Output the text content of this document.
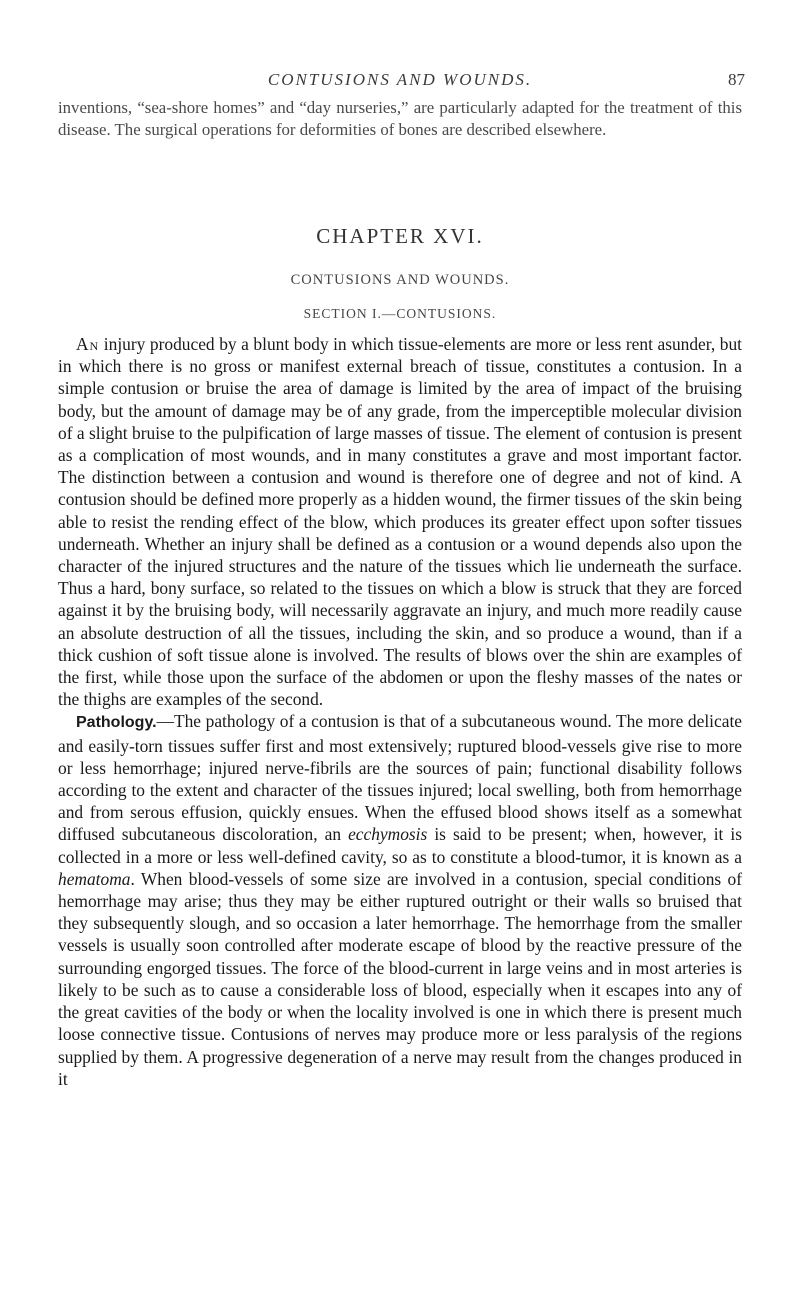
CONTUSIONS AND WOUNDS.	87
inventions, “sea-shore homes” and “day nurseries,” are particularly adapted for the treatment of this disease. The surgical operations for deformities of bones are described elsewhere.
CHAPTER XVI.
CONTUSIONS AND WOUNDS.
SECTION I.—CONTUSIONS.

An injury produced by a blunt body in which tissue-elements are more or less rent asunder, but in which there is no gross or manifest external breach of tissue, constitutes a contusion. In a simple contusion or bruise the area of damage is limited by the area of impact of the bruising body, but the amount of damage may be of any grade, from the imperceptible molecular division of a slight bruise to the pulpification of large masses of tissue. The element of contusion is present as a complication of most wounds, and in many constitutes a grave and most important factor. The distinction between a contusion and wound is therefore one of degree and not of kind. A contusion should be defined more properly as a hidden wound, the firmer tissues of the skin being able to resist the rending effect of the blow, which produces its greater effect upon softer tissues underneath. Whether an injury shall be defined as a contusion or a wound depends also upon the character of the injured structures and the nature of the tissues which lie underneath the surface. Thus a hard, bony surface, so related to the tissues on which a blow is struck that they are forced against it by the bruising body, will necessarily aggravate an injury, and much more readily cause an absolute destruction of all the tissues, including the skin, and so produce a wound, than if a thick cushion of soft tissue alone is involved. The results of blows over the shin are examples of the first, while those upon the surface of the abdomen or upon the fleshy masses of the nates or the thighs are examples of the second.

Pathology.—The pathology of a contusion is that of a subcutaneous wound. The more delicate and easily-torn tissues suffer first and most extensively; ruptured blood-vessels give rise to more or less hemorrhage; injured nerve-fibrils are the sources of pain; functional disability follows according to the extent and character of the tissues injured; local swelling, both from hemorrhage and from serous effusion, quickly ensues. When the effused blood shows itself as a somewhat diffused subcutaneous discoloration, an ecchymosis is said to be present; when, however, it is collected in a more or less well-defined cavity, so as to constitute a blood-tumor, it is known as a hematoma. When blood-vessels of some size are involved in a contusion, special conditions of hemorrhage may arise; thus they may be either ruptured outright or their walls so bruised that they subsequently slough, and so occasion a later hemorrhage. The hemorrhage from the smaller vessels is usually soon controlled after moderate escape of blood by the reactive pressure of the surrounding engorged tissues. The force of the blood-current in large veins and in most arteries is likely to be such as to cause a considerable loss of blood, especially when it escapes into any of the great cavities of the body or when the locality involved is one in which there is present much loose connective tissue. Contusions of nerves may produce more or less paralysis of the regions supplied by them. A progressive degeneration of a nerve may result from the changes produced in it
